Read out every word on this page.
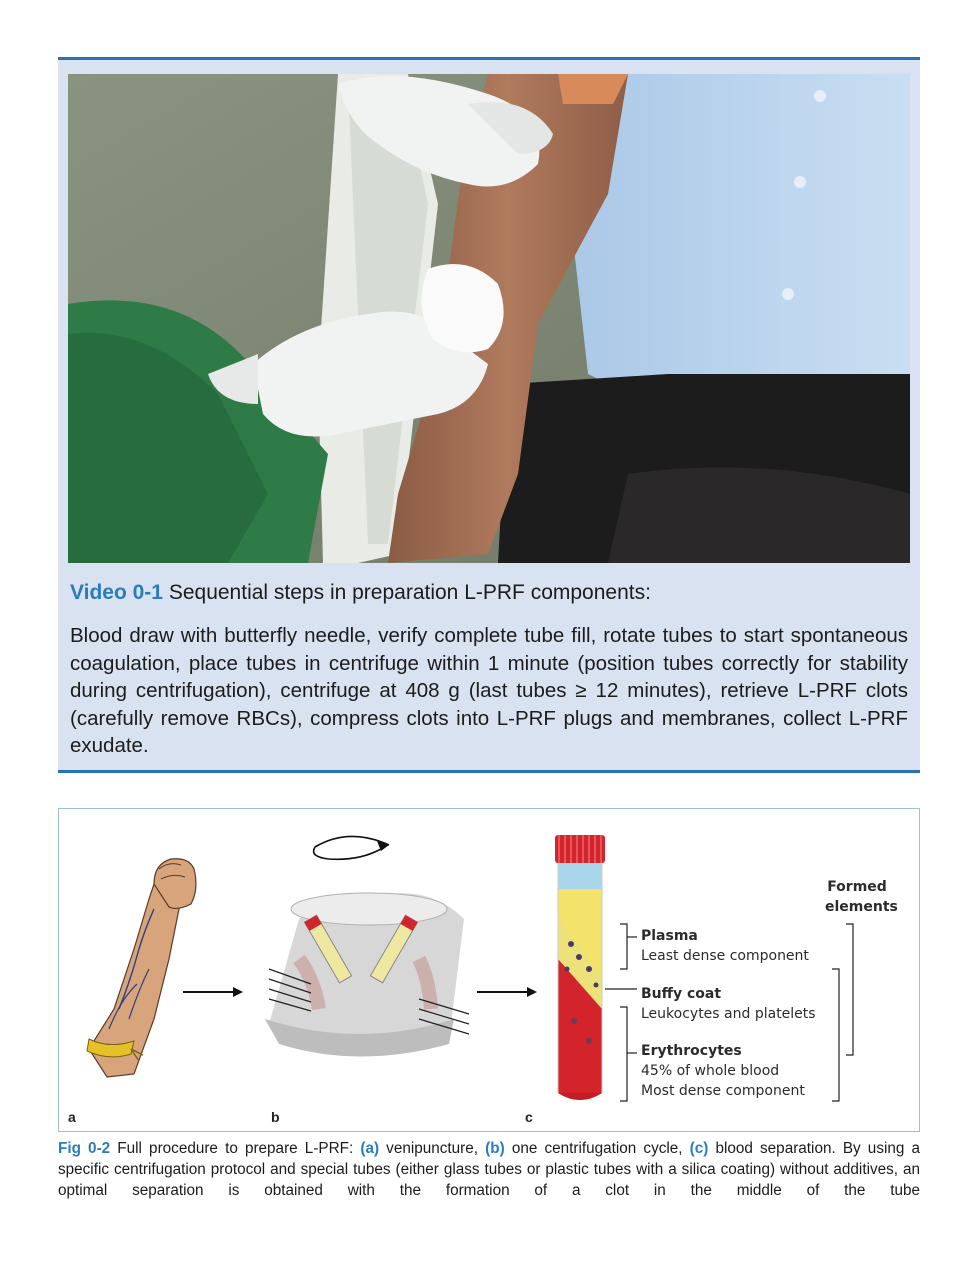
Video 0-1 Sequential steps in preparation L-PRF components:
Blood draw with butterfly needle, verify complete tube fill, rotate tubes to start spontaneous coagulation, place tubes in centrifuge within 1 minute (position tubes correctly for stability during centrifugation), centrifuge at 408 g (last tubes ≥ 12 minutes), retrieve L-PRF clots (carefully remove RBCs), compress clots into L-PRF plugs and membranes, collect L-PRF exudate.
Formed
elements
Plasma
Least dense component
Buffy coat
Leukocytes and platelets
Erythrocytes
45% of whole blood
Most dense component
a	b	c
Fig 0-2 Full procedure to prepare L-PRF: (a) venipuncture, (b) one centrifugation cycle, (c) blood separation. By using a specific centrifugation protocol and special tubes (either glass tubes or plastic tubes with a silica coating) without additives, an optimal separation is obtained with the formation of a clot in the middle of the tube
